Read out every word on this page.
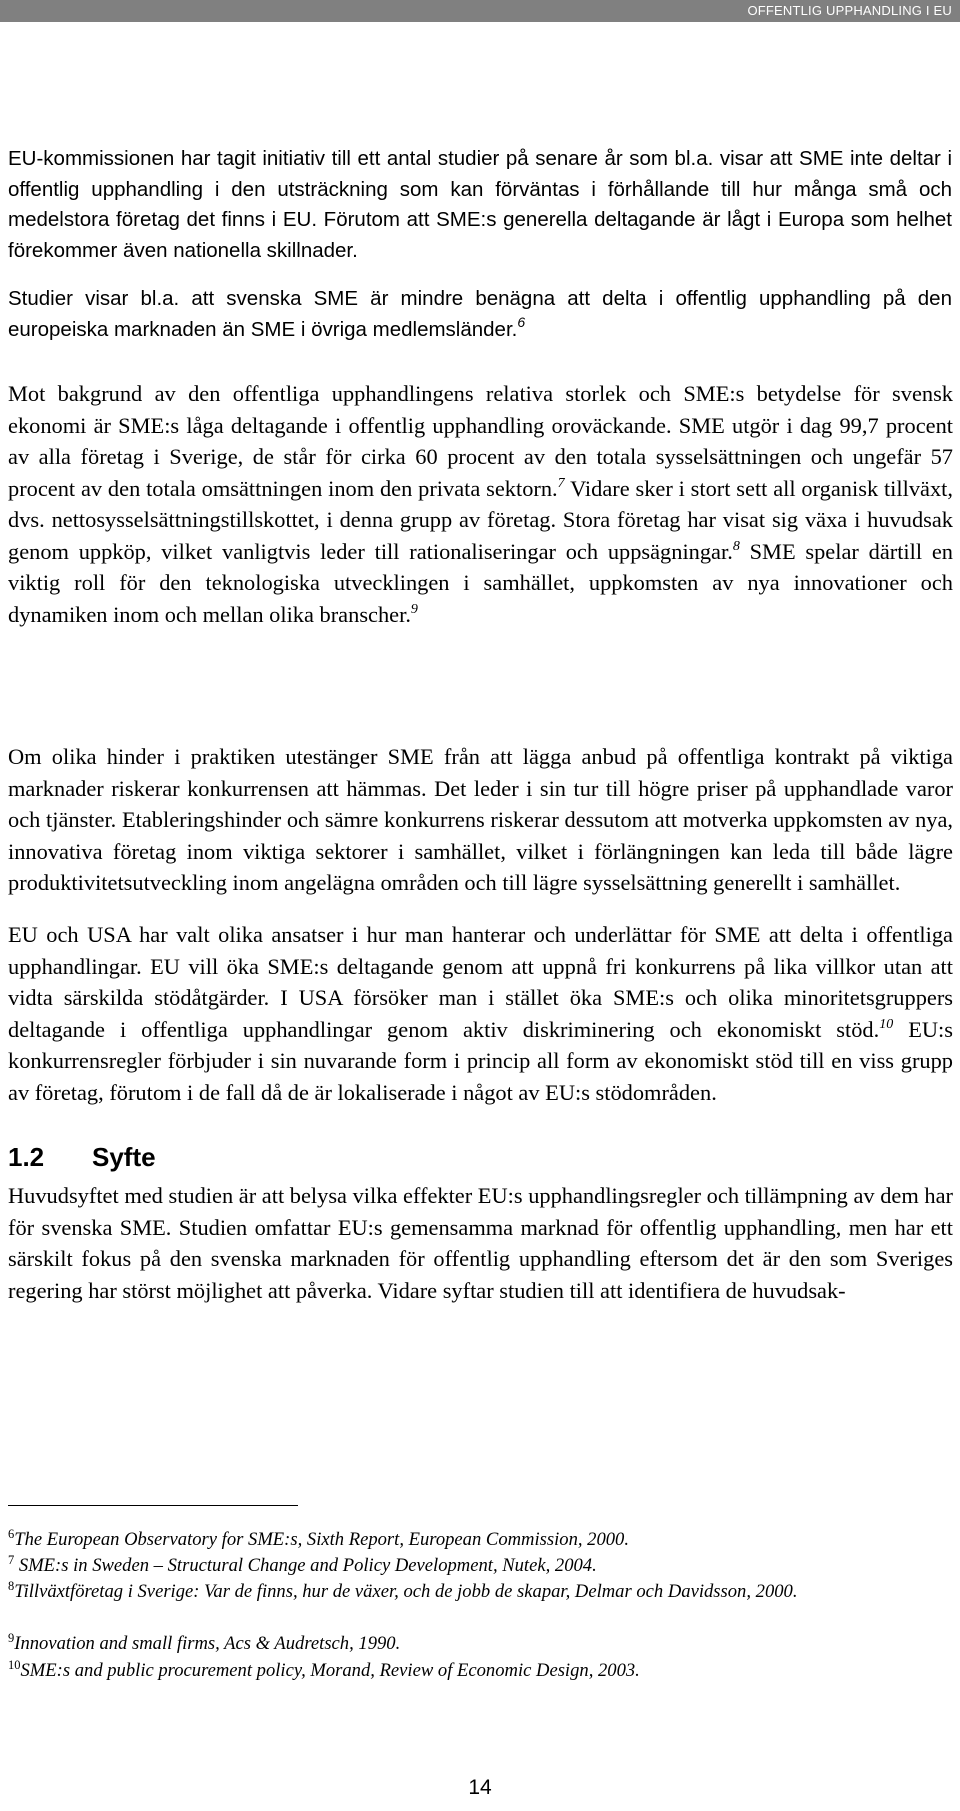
OFFENTLIG UPPHANDLING I EU

EU-kommissionen har tagit initiativ till ett antal studier på senare år som bl.a. visar att SME inte deltar i offentlig upphandling i den utsträckning som kan förväntas i förhållande till hur många små och medelstora företag det finns i EU. Förutom att SME:s generella deltagande är lågt i Europa som helhet förekommer även nationella skillnader.

Studier visar bl.a. att svenska SME är mindre benägna att delta i offentlig upphandling på den europeiska marknaden än SME i övriga medlemsländer.$^6$

Mot bakgrund av den offentliga upphandlingens relativa storlek och SME:s betydelse för svensk ekonomi är SME:s låga deltagande i offentlig upphandling oroväckande. SME utgör i dag 99,7 procent av alla företag i Sverige, de står för cirka 60 procent av den totala sysselsättningen och ungefär 57 procent av den totala omsättningen inom den privata sektorn.$^7$ Vidare sker i stort sett all organisk tillväxt, dvs. nettosysselsättningstillskottet, i denna grupp av företag. Stora företag har visat sig växa i huvudsak genom uppköp, vilket vanligtvis leder till rationaliseringar och uppsägningar.$^8$ SME spelar därtill en viktig roll för den teknologiska utvecklingen i samhället, uppkomsten av nya innovationer och dynamiken inom och mellan olika branscher.$^9$

Om olika hinder i praktiken utestänger SME från att lägga anbud på offentliga kontrakt på viktiga marknader riskerar konkurrensen att hämmas. Det leder i sin tur till högre priser på upphandlade varor och tjänster. Etableringshinder och sämre konkurrens riskerar dessutom att motverka uppkomsten av nya, innovativa företag inom viktiga sektorer i samhället, vilket i förlängningen kan leda till både lägre produktivitetsutveckling inom angelägna områden och till lägre sysselsättning generellt i samhället.

EU och USA har valt olika ansatser i hur man hanterar och underlättar för SME att delta i offentliga upphandlingar. EU vill öka SME:s deltagande genom att uppnå fri konkurrens på lika villkor utan att vidta särskilda stödåtgärder. I USA försöker man i stället öka SME:s och olika minoritetsgruppers deltagande i offentliga upphandlingar genom aktiv diskriminering och ekonomiskt stöd.$^{10}$ EU:s konkurrensregler förbjuder i sin nuvarande form i princip all form av ekonomiskt stöd till en viss grupp av företag, förutom i de fall då de är lokaliserade i något av EU:s stödområden.

1.2 Syfte

Huvudsyftet med studien är att belysa vilka effekter EU:s upphandlingsregler och tillämpning av dem har för svenska SME. Studien omfattar EU:s gemensamma marknad för offentlig upphandling, men har ett särskilt fokus på den svenska marknaden för offentlig upphandling eftersom det är den som Sveriges regering har störst möjlighet att påverka. Vidare syftar studien till att identifiera de huvudsak-

$^6$The European Observatory for SME:s, Sixth Report, European Commission, 2000.

$^7$ SME:s in Sweden – Structural Change and Policy Development, Nutek, 2004.

$^8$Tillväxtföretag i Sverige: Var de finns, hur de växer, och de jobb de skapar, Delmar och Davidsson, 2000.

$^9$Innovation and small firms, Acs & Audretsch, 1990.

$^{10}$SME:s and public procurement policy, Morand, Review of Economic Design, 2003.

14
